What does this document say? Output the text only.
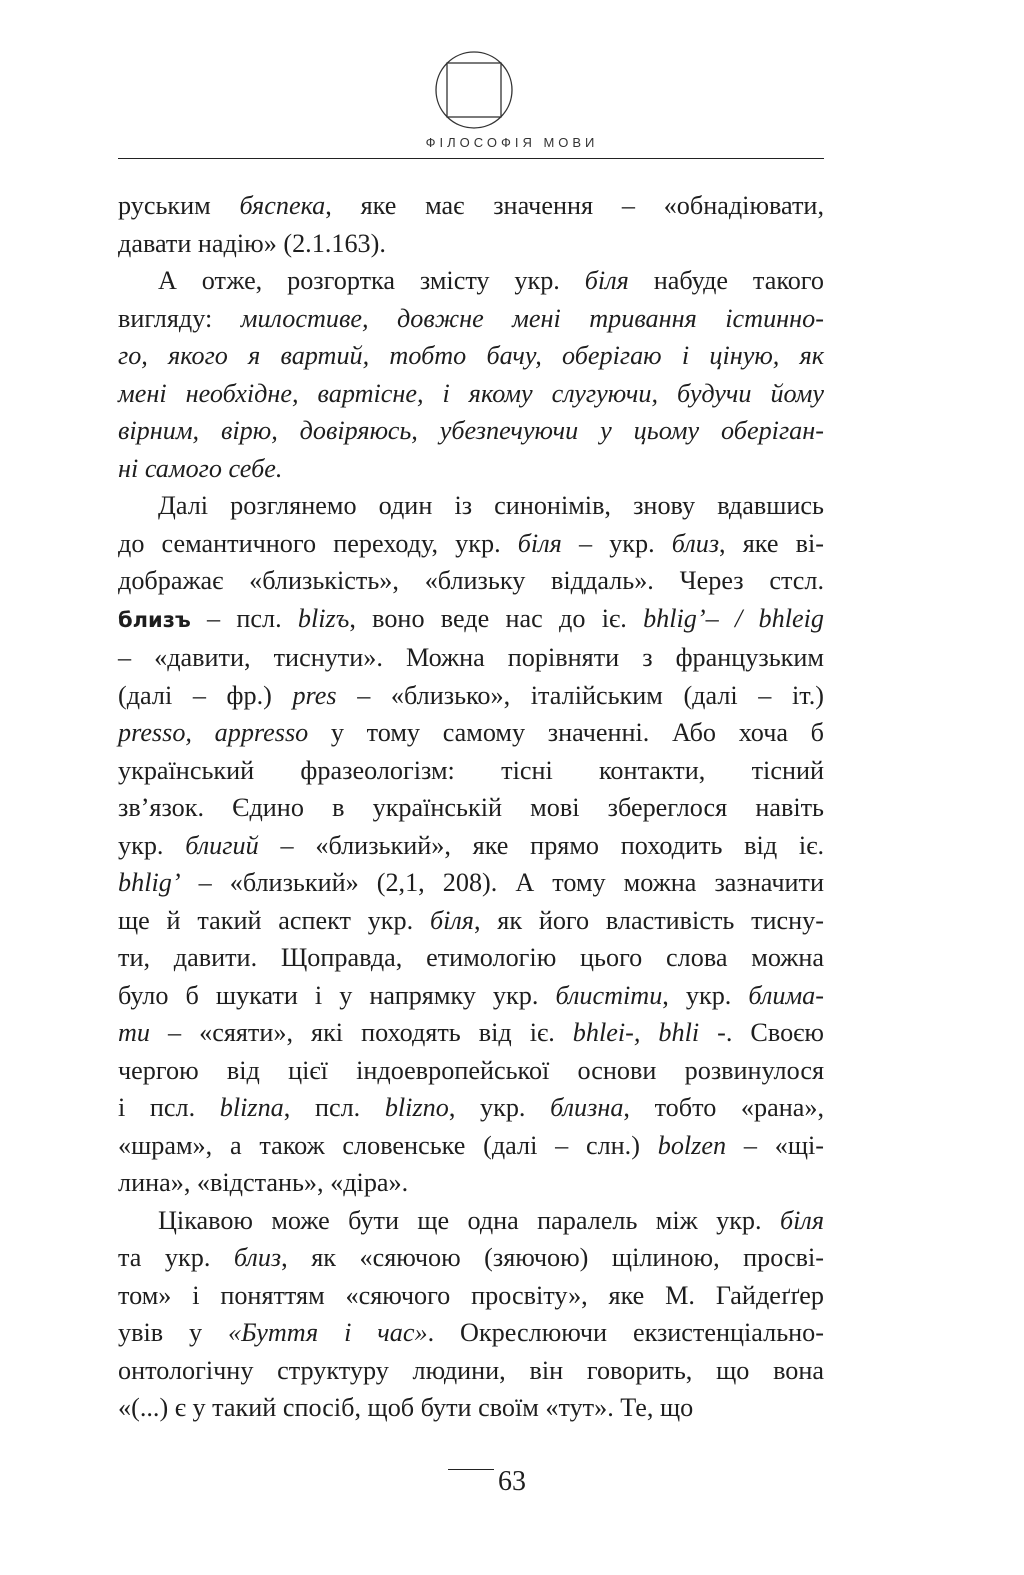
ФІЛОСОФІЯ МОВИ

руським бяспека, яке має значення – «обнадіювати,
давати надію» (2.1.163).

А отже, розгортка змісту укр. біля набуде такого
вигляду: милостиве, довжне мені тривання істинно-
го, якого я вартий, тобто бачу, оберігаю і ціную, як
мені необхідне, вартісне, і якому слугуючи, будучи йому
вірним, вірю, довіряюсь, убезпечуючи у цьому оберіган-
ні самого себе.

Далі розглянемо один із синонімів, знову вдавшись
до семантичного переходу, укр. біля – укр. близ, яке ві-
дображає «близькість», «близьку віддаль». Через стсл.
близъ – псл. blizъ, воно веде нас до іє. bhlig’– / bhleig
– «давити, тиснути». Можна порівняти з французьким
(далі – фр.) pres – «близько», італійським (далі – іт.)
presso, appresso у тому самому значенні. Або хоча б
український фразеологізм: тісні контакти, тісний
зв’язок. Єдино в українській мові збереглося навіть
укр. блигий – «близький», яке прямо походить від іє.
bhlig’ – «близький» (2,1, 208). А тому можна зазначити
ще й такий аспект укр. біля, як його властивість тисну-
ти, давити. Щоправда, етимологію цього слова можна
було б шукати і у напрямку укр. блистіти, укр. блима-
ти – «сяяти», які походять від іє. bhlei-, bhli -. Своєю
чергою від цієї індоевропейської основи розвинулося
і псл. blizna, псл. blizno, укр. близна, тобто «рана»,
«шрам», а також словенське (далі – слн.) bolzen – «щі-
лина», «відстань», «діра».

Цікавою може бути ще одна паралель між укр. біля
та укр. близ, як «сяючою (зяючою) щілиною, просві-
том» і поняттям «сяючого просвіту», яке М. Гайдеґґер
увів у «Буття і час». Окреслюючи екзистенціально-
онтологічну структуру людини, він говорить, що вона
«(...) є у такий спосіб, щоб бути своїм «тут». Те, що

63
